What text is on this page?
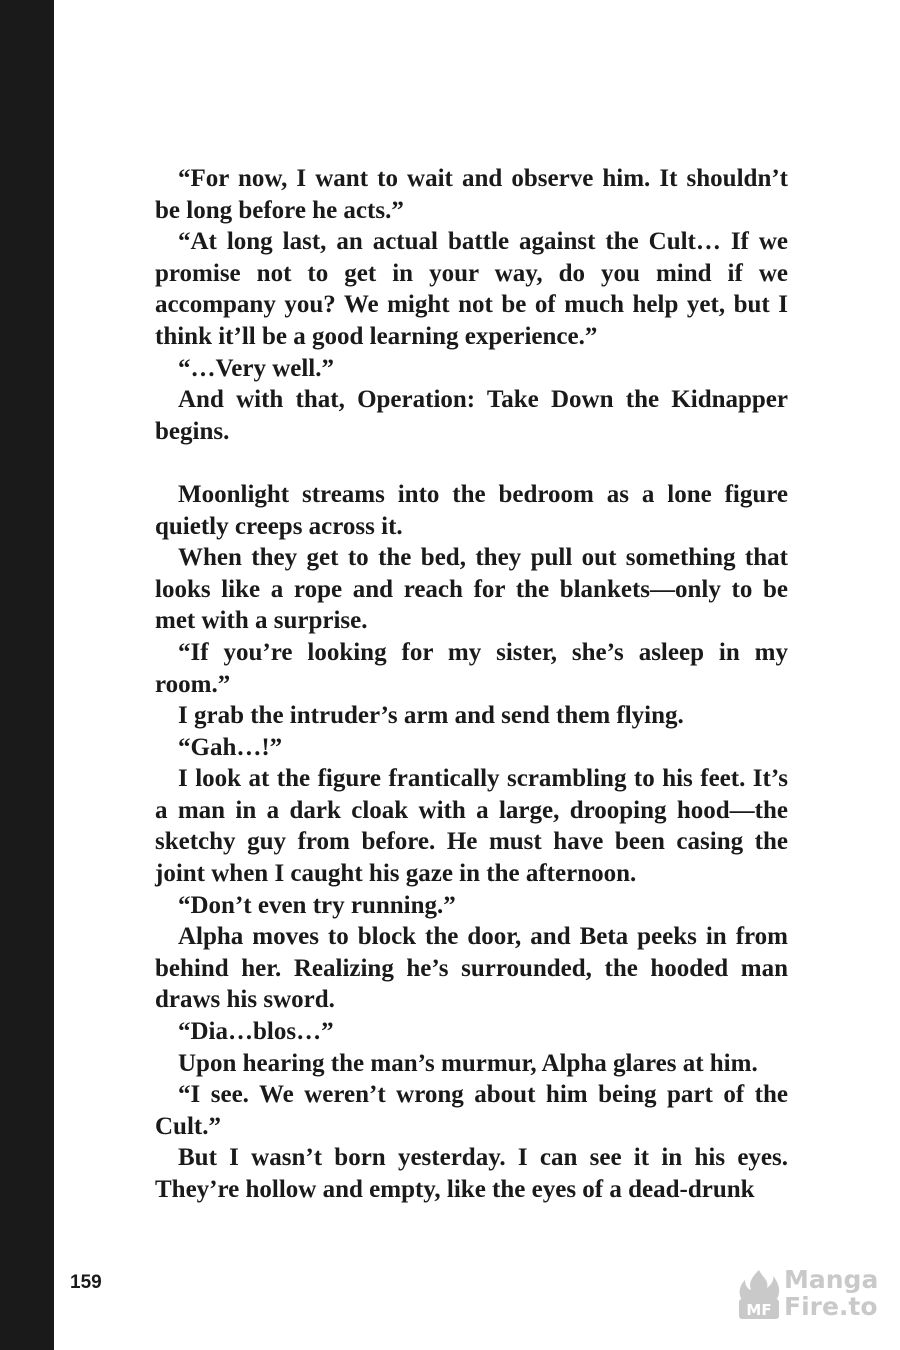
“For now, I want to wait and observe him. It shouldn’t be long before he acts.”

“At long last, an actual battle against the Cult… If we promise not to get in your way, do you mind if we accompany you? We might not be of much help yet, but I think it’ll be a good learning experience.”

“…Very well.”

And with that, Operation: Take Down the Kidnapper begins.

Moonlight streams into the bedroom as a lone figure quietly creeps across it.

When they get to the bed, they pull out something that looks like a rope and reach for the blankets—only to be met with a surprise.

“If you’re looking for my sister, she’s asleep in my room.”

I grab the intruder’s arm and send them flying.

“Gah…!”

I look at the figure frantically scrambling to his feet. It’s a man in a dark cloak with a large, drooping hood—the sketchy guy from before. He must have been casing the joint when I caught his gaze in the afternoon.

“Don’t even try running.”

Alpha moves to block the door, and Beta peeks in from behind her. Realizing he’s surrounded, the hooded man draws his sword.

“Dia…blos…”

Upon hearing the man’s murmur, Alpha glares at him.

“I see. We weren’t wrong about him being part of the Cult.”

But I wasn’t born yesterday. I can see it in his eyes. They’re hollow and empty, like the eyes of a dead-drunk

159
MF
Manga
Fire.to
